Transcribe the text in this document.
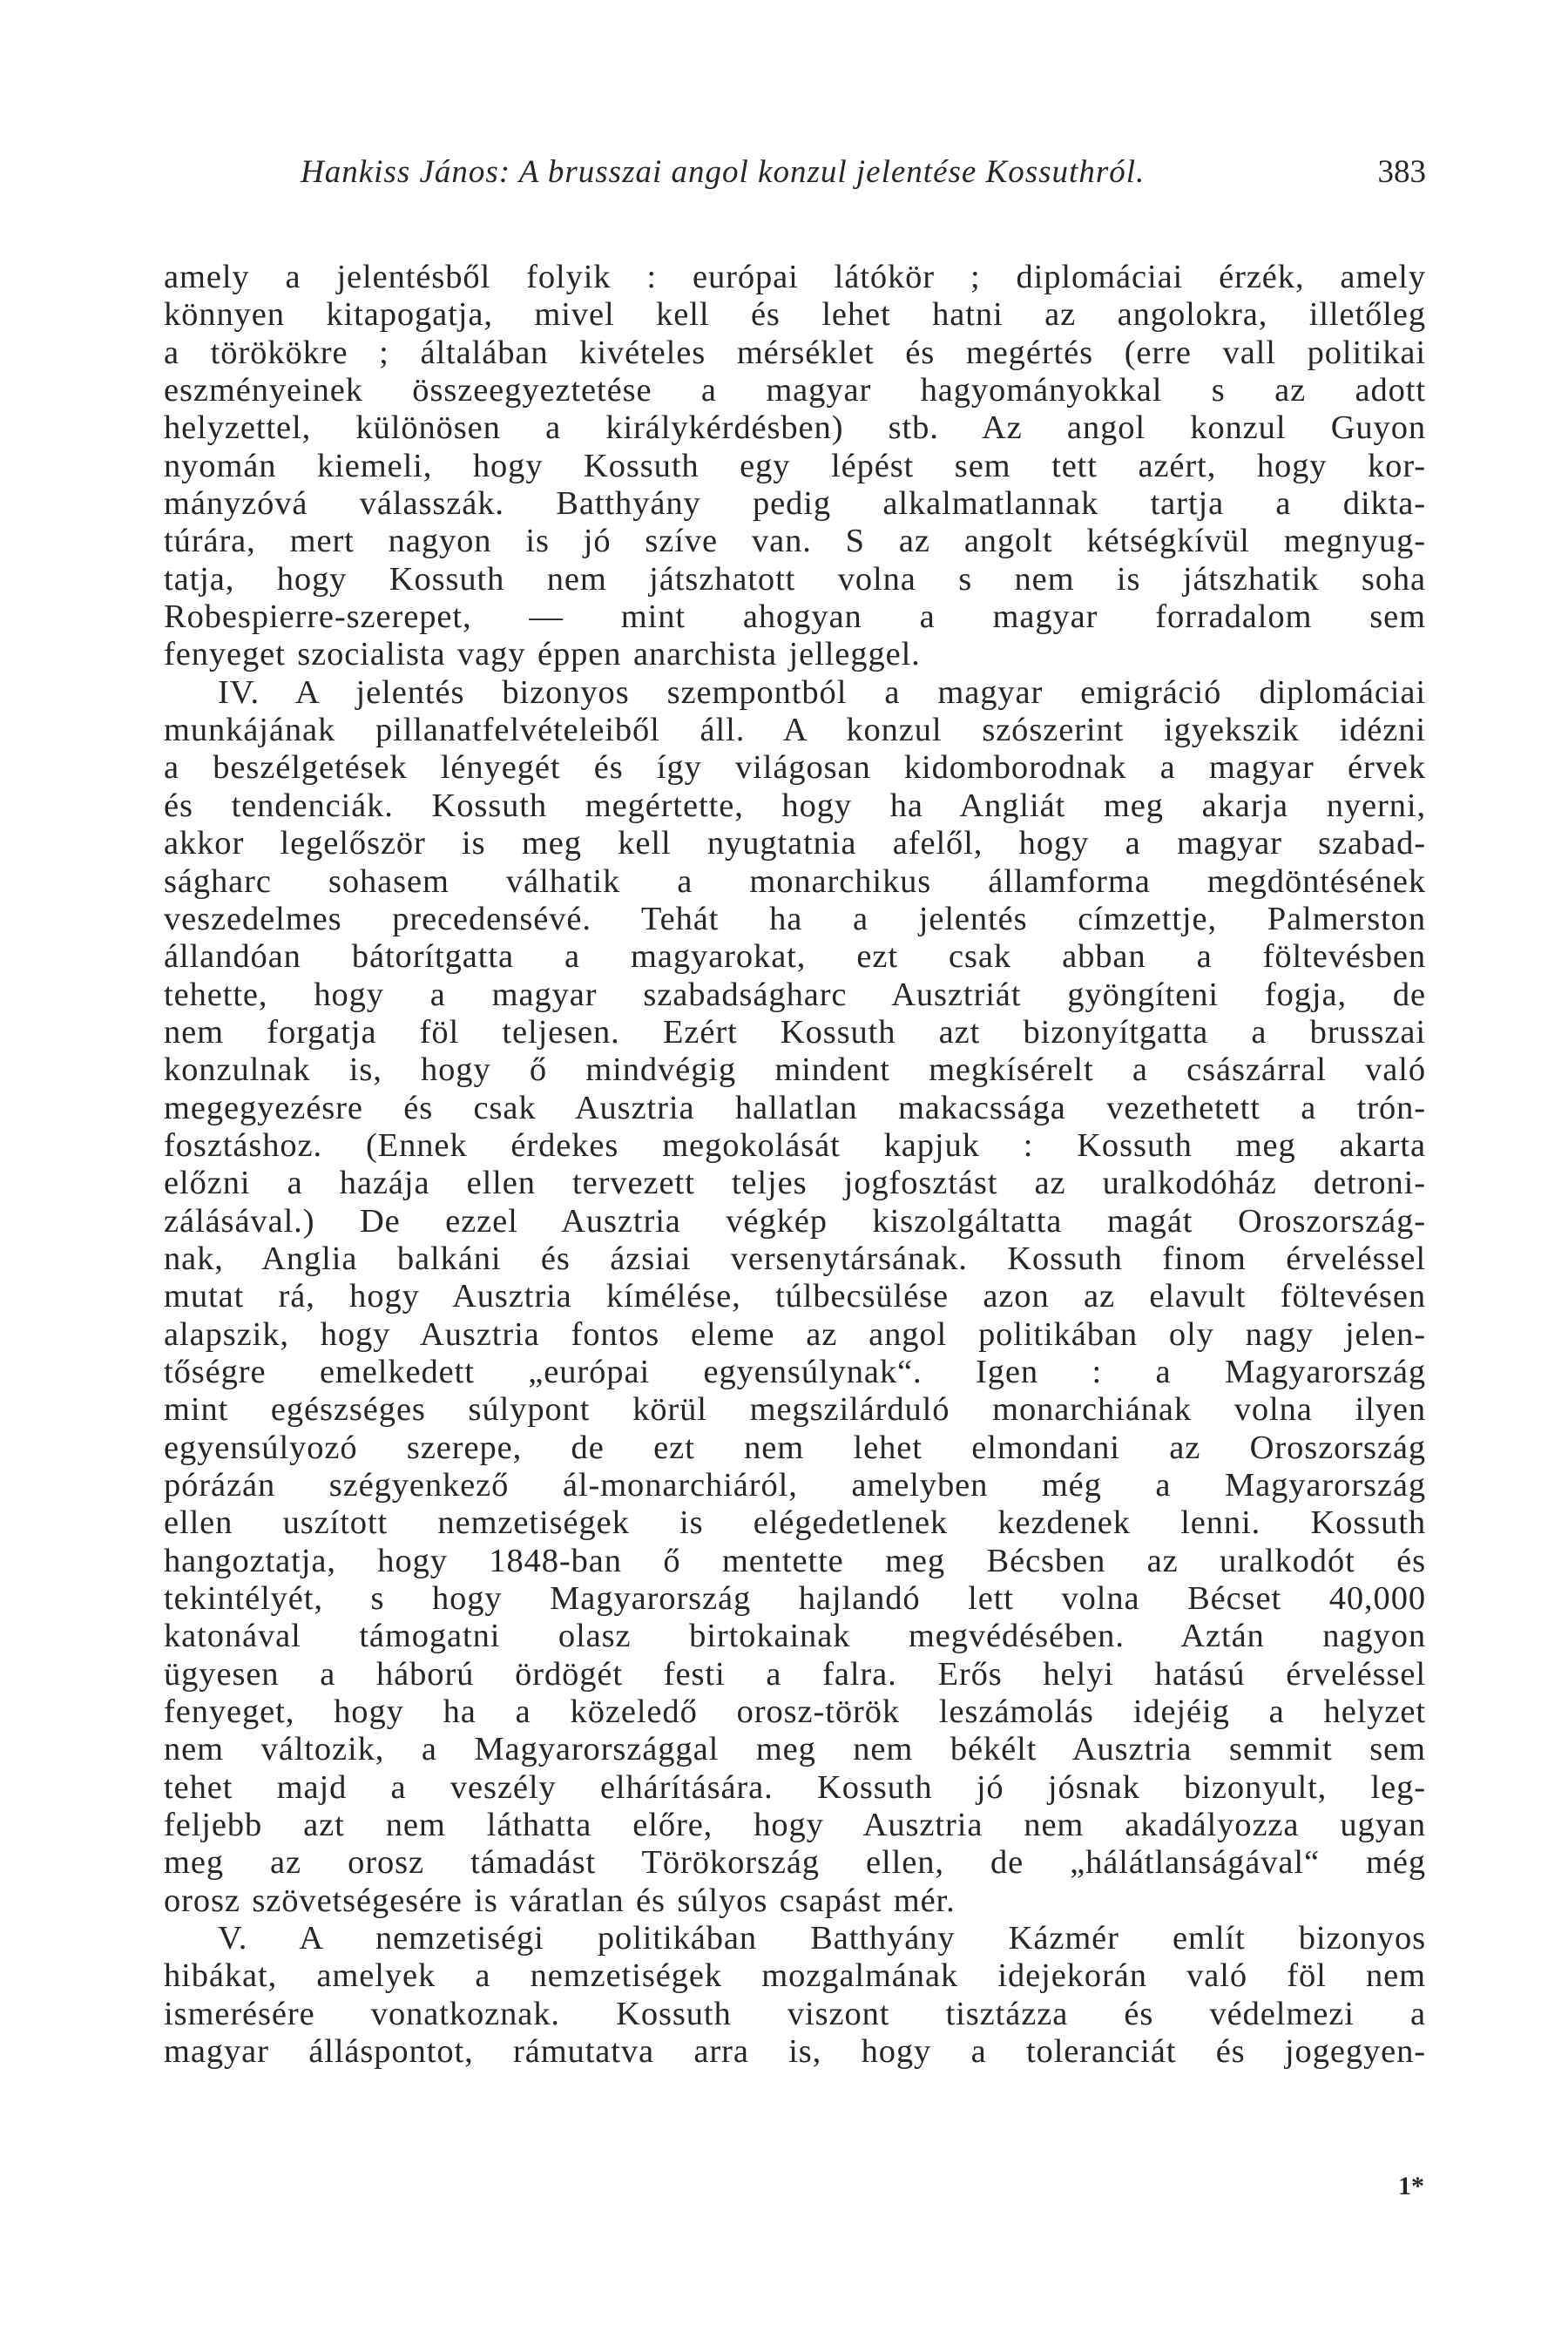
Hankiss János: A brusszai angol konzul jelentése Kossuthról.	383
amely a jelentésből folyik : európai látókör ; diplomáciai érzék, amely
könnyen kitapogatja, mivel kell és lehet hatni az angolokra, illetőleg
a törökökre ; általában kivételes mérséklet és megértés (erre vall politikai
eszményeinek összeegyeztetése a magyar hagyományokkal s az adott
helyzettel, különösen a királykérdésben) stb. Az angol konzul Guyon
nyomán kiemeli, hogy Kossuth egy lépést sem tett azért, hogy kor-
mányzóvá válasszák. Batthyány pedig alkalmatlannak tartja a dikta-
túrára, mert nagyon is jó szíve van. S az angolt kétségkívül megnyug-
tatja, hogy Kossuth nem játszhatott volna s nem is játszhatik soha
Robespierre-szerepet, — mint ahogyan a magyar forradalom sem
fenyeget szocialista vagy éppen anarchista jelleggel.
IV. A jelentés bizonyos szempontból a magyar emigráció diplomáciai
munkájának pillanatfelvételeiből áll. A konzul szószerint igyekszik idézni
a beszélgetések lényegét és így világosan kidomborodnak a magyar érvek
és tendenciák. Kossuth megértette, hogy ha Angliát meg akarja nyerni,
akkor legelőször is meg kell nyugtatnia afelől, hogy a magyar szabad-
ságharc sohasem válhatik a monarchikus államforma megdöntésének
veszedelmes precedensévé. Tehát ha a jelentés címzettje, Palmerston
állandóan bátorítgatta a magyarokat, ezt csak abban a föltevésben
tehette, hogy a magyar szabadságharc Ausztriát gyöngíteni fogja, de
nem forgatja föl teljesen. Ezért Kossuth azt bizonyítgatta a brusszai
konzulnak is, hogy ő mindvégig mindent megkísérelt a császárral való
megegyezésre és csak Ausztria hallatlan makacssága vezethetett a trón-
fosztáshoz. (Ennek érdekes megokolását kapjuk : Kossuth meg akarta
előzni a hazája ellen tervezett teljes jogfosztást az uralkodóház detroni-
zálásával.) De ezzel Ausztria végkép kiszolgáltatta magát Oroszország-
nak, Anglia balkáni és ázsiai versenytársának. Kossuth finom érveléssel
mutat rá, hogy Ausztria kímélése, túlbecsülése azon az elavult föltevésen
alapszik, hogy Ausztria fontos eleme az angol politikában oly nagy jelen-
tőségre emelkedett „európai egyensúlynak“. Igen : a Magyarország
mint egészséges súlypont körül megszilárduló monarchiának volna ilyen
egyensúlyozó szerepe, de ezt nem lehet elmondani az Oroszország
pórázán szégyenkező ál-monarchiáról, amelyben még a Magyarország
ellen uszított nemzetiségek is elégedetlenek kezdenek lenni. Kossuth
hangoztatja, hogy 1848-ban ő mentette meg Bécsben az uralkodót és
tekintélyét, s hogy Magyarország hajlandó lett volna Bécset 40,000
katonával támogatni olasz birtokainak megvédésében. Aztán nagyon
ügyesen a háború ördögét festi a falra. Erős helyi hatású érveléssel
fenyeget, hogy ha a közeledő orosz-török leszámolás idejéig a helyzet
nem változik, a Magyarországgal meg nem békélt Ausztria semmit sem
tehet majd a veszély elhárítására. Kossuth jó jósnak bizonyult, leg-
feljebb azt nem láthatta előre, hogy Ausztria nem akadályozza ugyan
meg az orosz támadást Törökország ellen, de „hálátlanságával“ még
orosz szövetségesére is váratlan és súlyos csapást mér.
V. A nemzetiségi politikában Batthyány Kázmér említ bizonyos
hibákat, amelyek a nemzetiségek mozgalmának idejekorán való föl nem
ismerésére vonatkoznak. Kossuth viszont tisztázza és védelmezi a
magyar álláspontot, rámutatva arra is, hogy a toleranciát és jogegyen-
1*
